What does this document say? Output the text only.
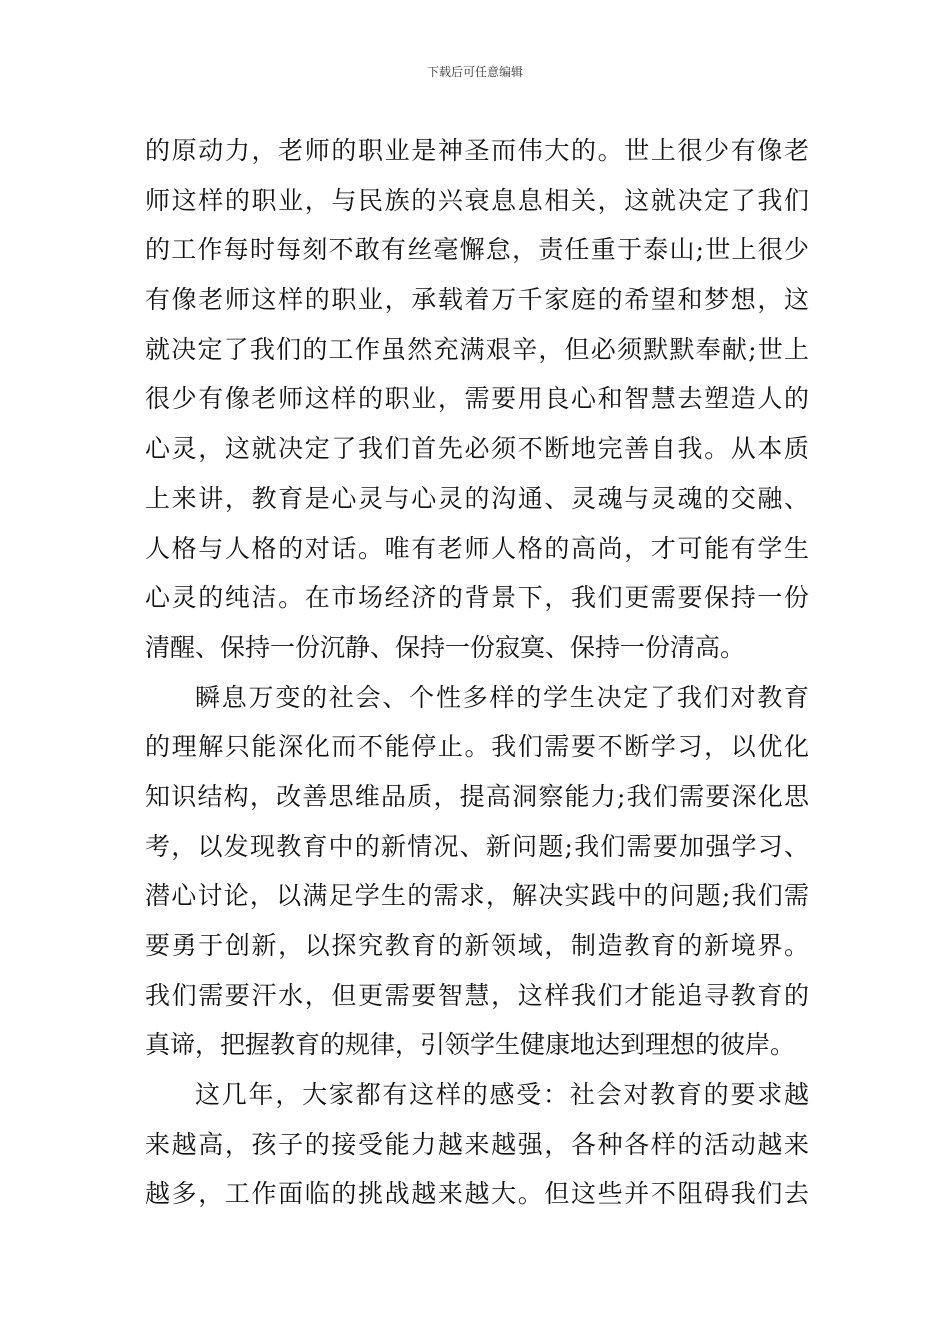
下载后可任意编辑
的原动力，老师的职业是神圣而伟大的。世上很少有像老
师这样的职业，与民族的兴衰息息相关，这就决定了我们
的工作每时每刻不敢有丝毫懈怠，责任重于泰山;世上很少
有像老师这样的职业，承载着万千家庭的希望和梦想，这
就决定了我们的工作虽然充满艰辛，但必须默默奉献;世上
很少有像老师这样的职业，需要用良心和智慧去塑造人的
心灵，这就决定了我们首先必须不断地完善自我。从本质
上来讲，教育是心灵与心灵的沟通、灵魂与灵魂的交融、
人格与人格的对话。唯有老师人格的高尚，才可能有学生
心灵的纯洁。在市场经济的背景下，我们更需要保持一份
清醒、保持一份沉静、保持一份寂寞、保持一份清高。
瞬息万变的社会、个性多样的学生决定了我们对教育
的理解只能深化而不能停止。我们需要不断学习，以优化
知识结构，改善思维品质，提高洞察能力;我们需要深化思
考，以发现教育中的新情况、新问题;我们需要加强学习、
潜心讨论，以满足学生的需求，解决实践中的问题;我们需
要勇于创新，以探究教育的新领域，制造教育的新境界。
我们需要汗水，但更需要智慧，这样我们才能追寻教育的
真谛，把握教育的规律，引领学生健康地达到理想的彼岸。
这几年，大家都有这样的感受：社会对教育的要求越
来越高，孩子的接受能力越来越强，各种各样的活动越来
越多，工作面临的挑战越来越大。但这些并不阻碍我们去
